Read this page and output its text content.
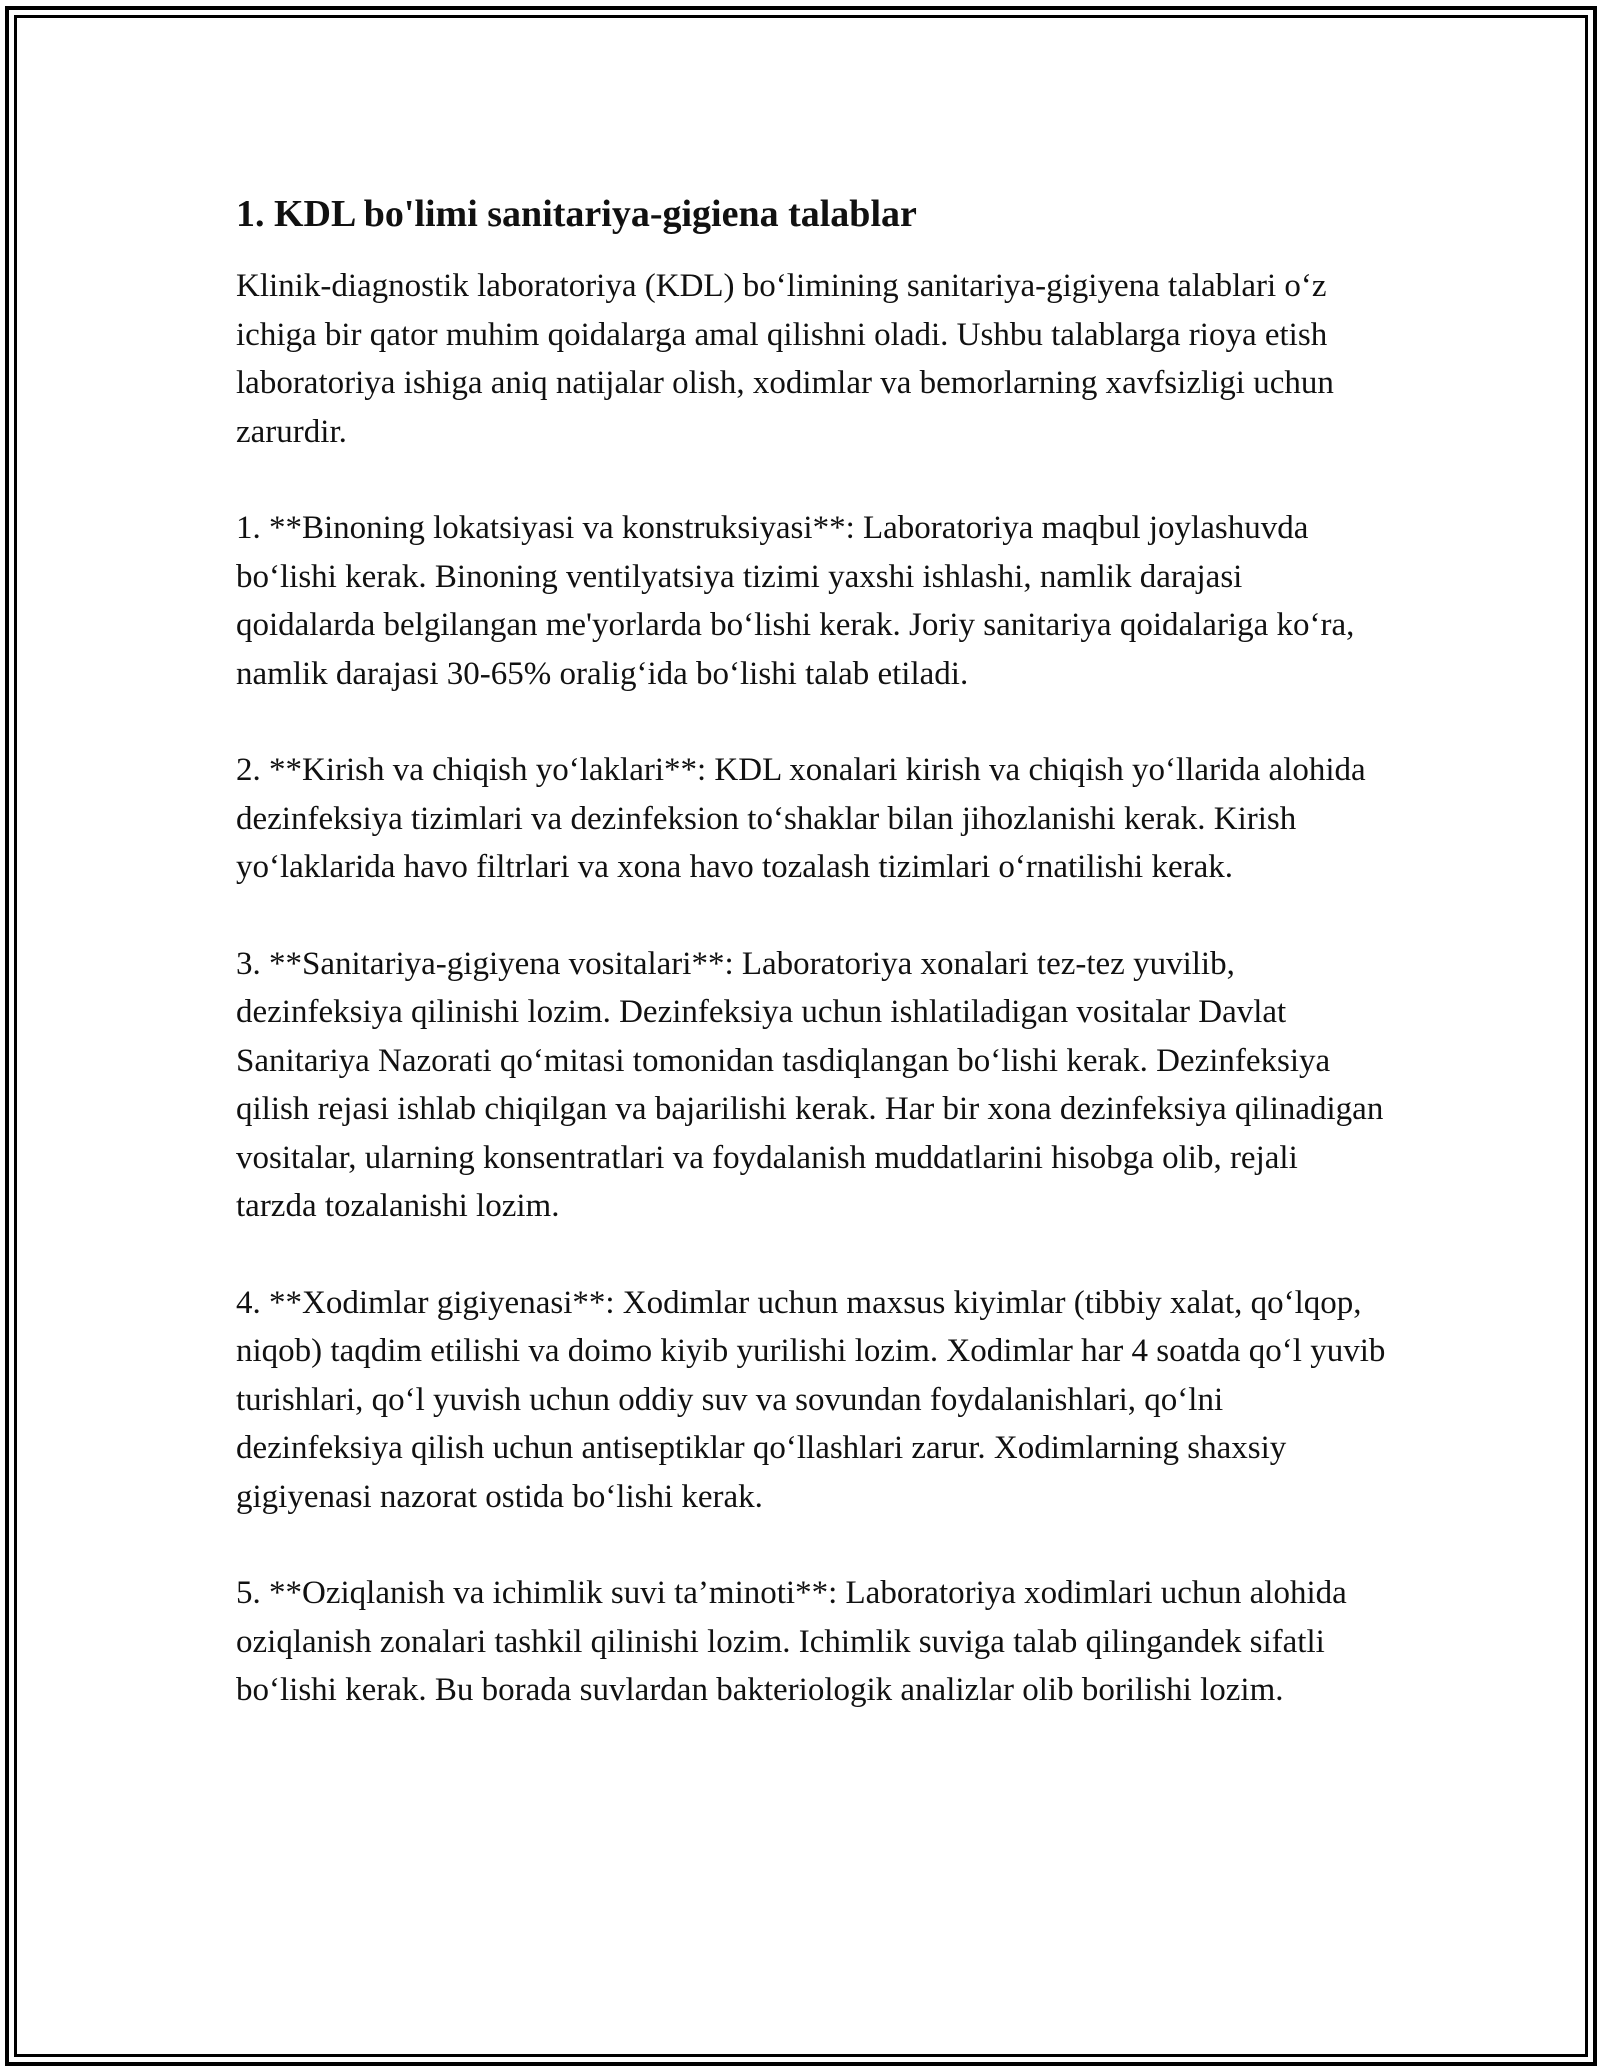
1. KDL bo'limi sanitariya-gigiena talablar

Klinik-diagnostik laboratoriya (KDL) bo‘limining sanitariya-gigiyena talablari o‘z ichiga bir qator muhim qoidalarga amal qilishni oladi. Ushbu talablarga rioya etish laboratoriya ishiga aniq natijalar olish, xodimlar va bemorlarning xavfsizligi uchun zarurdir.

1. **Binoning lokatsiyasi va konstruksiyasi**: Laboratoriya maqbul joylashuvda bo‘lishi kerak. Binoning ventilyatsiya tizimi yaxshi ishlashi, namlik darajasi qoidalarda belgilangan me'yorlarda bo‘lishi kerak. Joriy sanitariya qoidalariga ko‘ra, namlik darajasi 30-65% oralig‘ida bo‘lishi talab etiladi.

2. **Kirish va chiqish yo‘laklari**: KDL xonalari kirish va chiqish yo‘llarida alohida dezinfeksiya tizimlari va dezinfeksion to‘shaklar bilan jihozlanishi kerak. Kirish yo‘laklarida havo filtrlari va xona havo tozalash tizimlari o‘rnatilishi kerak.

3. **Sanitariya-gigiyena vositalari**: Laboratoriya xonalari tez-tez yuvilib, dezinfeksiya qilinishi lozim. Dezinfeksiya uchun ishlatiladigan vositalar Davlat Sanitariya Nazorati qo‘mitasi tomonidan tasdiqlangan bo‘lishi kerak. Dezinfeksiya qilish rejasi ishlab chiqilgan va bajarilishi kerak. Har bir xona dezinfeksiya qilinadigan vositalar, ularning konsentratlari va foydalanish muddatlarini hisobga olib, rejali tarzda tozalanishi lozim.

4. **Xodimlar gigiyenasi**: Xodimlar uchun maxsus kiyimlar (tibbiy xalat, qo‘lqop, niqob) taqdim etilishi va doimo kiyib yurilishi lozim. Xodimlar har 4 soatda qo‘l yuvib turishlari, qo‘l yuvish uchun oddiy suv va sovundan foydalanishlari, qo‘lni dezinfeksiya qilish uchun antiseptiklar qo‘llashlari zarur. Xodimlarning shaxsiy gigiyenasi nazorat ostida bo‘lishi kerak.

5. **Oziqlanish va ichimlik suvi ta’minoti**: Laboratoriya xodimlari uchun alohida oziqlanish zonalari tashkil qilinishi lozim. Ichimlik suviga talab qilingandek sifatli bo‘lishi kerak. Bu borada suvlardan bakteriologik analizlar olib borilishi lozim.
